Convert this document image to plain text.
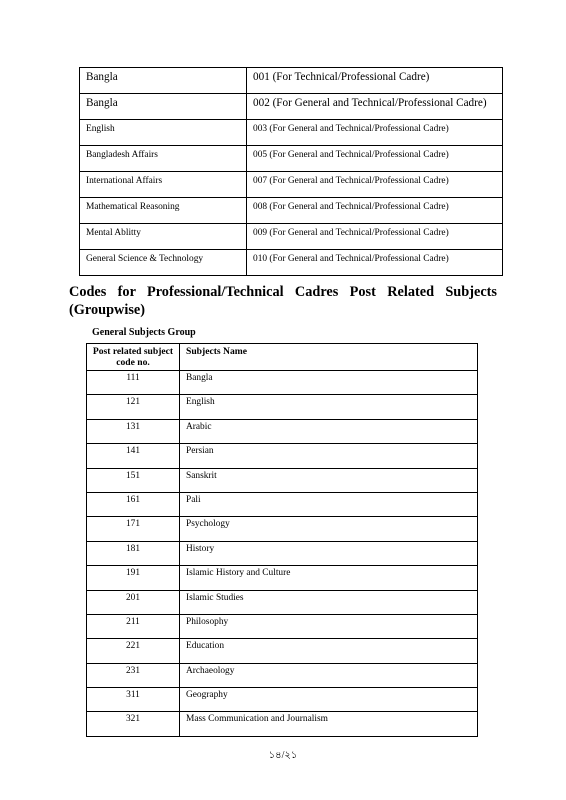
Bangla	001 (For Technical/Professional Cadre)
Bangla	002 (For General and Technical/Professional Cadre)
English	003 (For General and Technical/Professional Cadre)
Bangladesh Affairs	005 (For General and Technical/Professional Cadre)
International Affairs	007 (For General and Technical/Professional Cadre)
Mathematical Reasoning	008 (For General and Technical/Professional Cadre)
Mental Ablitty	009 (For General and Technical/Professional Cadre)
General Science & Technology	010 (For General and Technical/Professional Cadre)

Codes for Professional/Technical Cadres Post Related Subjects (Groupwise)

General Subjects Group

Post related subject code no.	Subjects Name
111	Bangla
121	English
131	Arabic
141	Persian
151	Sanskrit
161	Pali
171	Psychology
181	History
191	Islamic History and Culture
201	Islamic Studies
211	Philosophy
221	Education
231	Archaeology
311	Geography
321	Mass Communication and Journalism

১৪/২১
